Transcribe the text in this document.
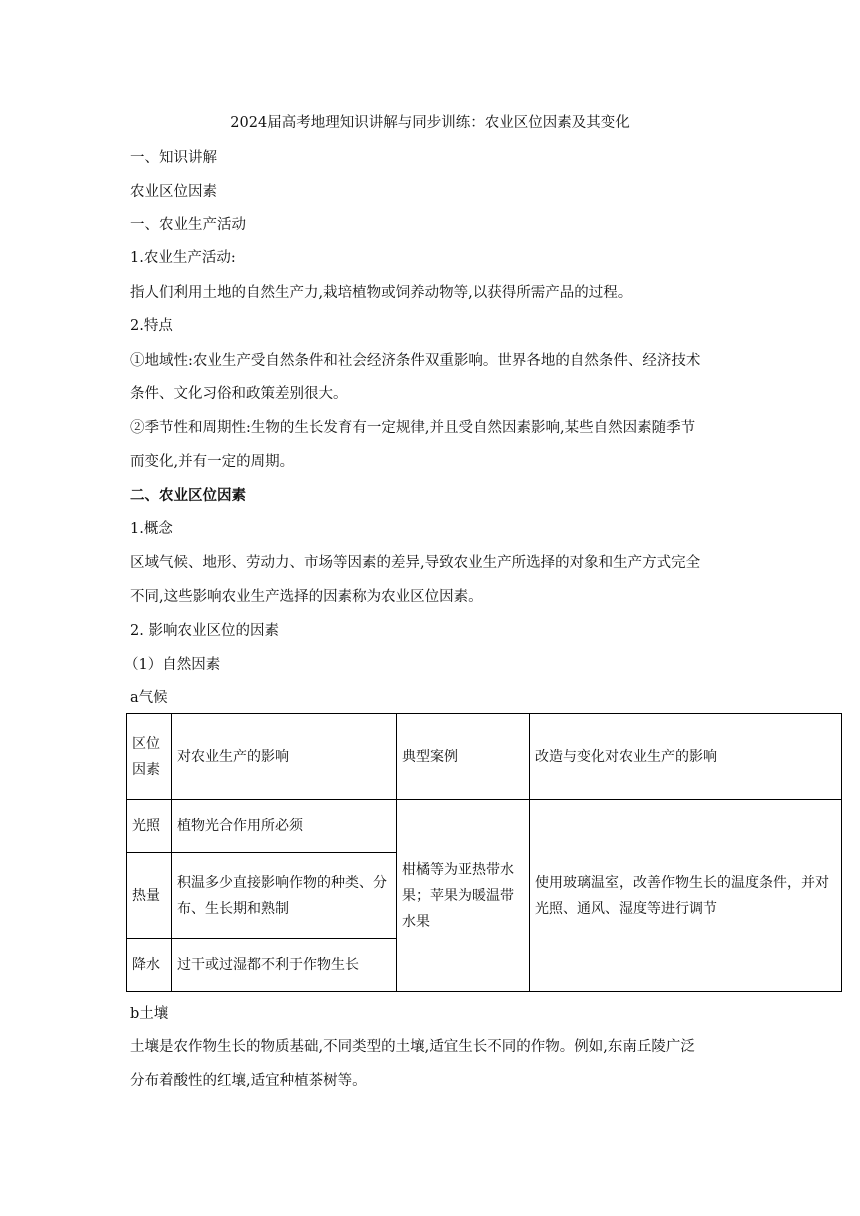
2024届高考地理知识讲解与同步训练：农业区位因素及其变化
一、知识讲解
农业区位因素
一、农业生产活动
1.农业生产活动:
指人们利用土地的自然生产力,栽培植物或饲养动物等,以获得所需产品的过程。
2.特点
①地域性:农业生产受自然条件和社会经济条件双重影响。世界各地的自然条件、经济技术
条件、文化习俗和政策差别很大。
②季节性和周期性:生物的生长发育有一定规律,并且受自然因素影响,某些自然因素随季节
而变化,并有一定的周期。
二、农业区位因素
1.概念
区域气候、地形、劳动力、市场等因素的差异,导致农业生产所选择的对象和生产方式完全
不同,这些影响农业生产选择的因素称为农业区位因素。
2. 影响农业区位的因素
（1）自然因素
a气候
区位因素	对农业生产的影响	典型案例	改造与变化对农业生产的影响
光照	植物光合作用所必须	柑橘等为亚热带水果；苹果为暖温带水果	使用玻璃温室，改善作物生长的温度条件，并对光照、通风、湿度等进行调节
热量	积温多少直接影响作物的种类、分布、生长期和熟制		
降水	过干或过湿都不利于作物生长		
b土壤
土壤是农作物生长的物质基础,不同类型的土壤,适宜生长不同的作物。例如,东南丘陵广泛
分布着酸性的红壤,适宜种植茶树等。
